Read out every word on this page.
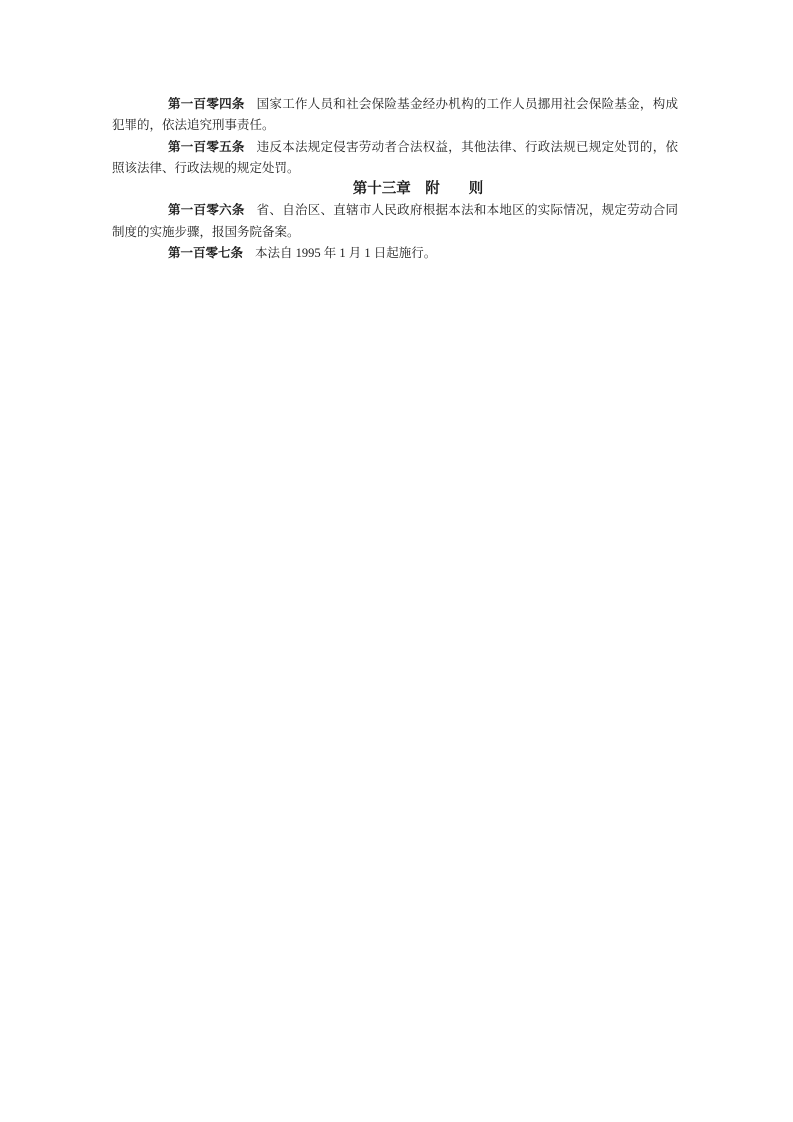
第一百零四条 国家工作人员和社会保险基金经办机构的工作人员挪用社会保险基金，构成犯罪的，依法追究刑事责任。

第一百零五条 违反本法规定侵害劳动者合法权益，其他法律、行政法规已规定处罚的，依照该法律、行政法规的规定处罚。

第十三章　附　　则

第一百零六条 省、自治区、直辖市人民政府根据本法和本地区的实际情况，规定劳动合同制度的实施步骤，报国务院备案。

第一百零七条 本法自 1995 年 1 月 1 日起施行。
